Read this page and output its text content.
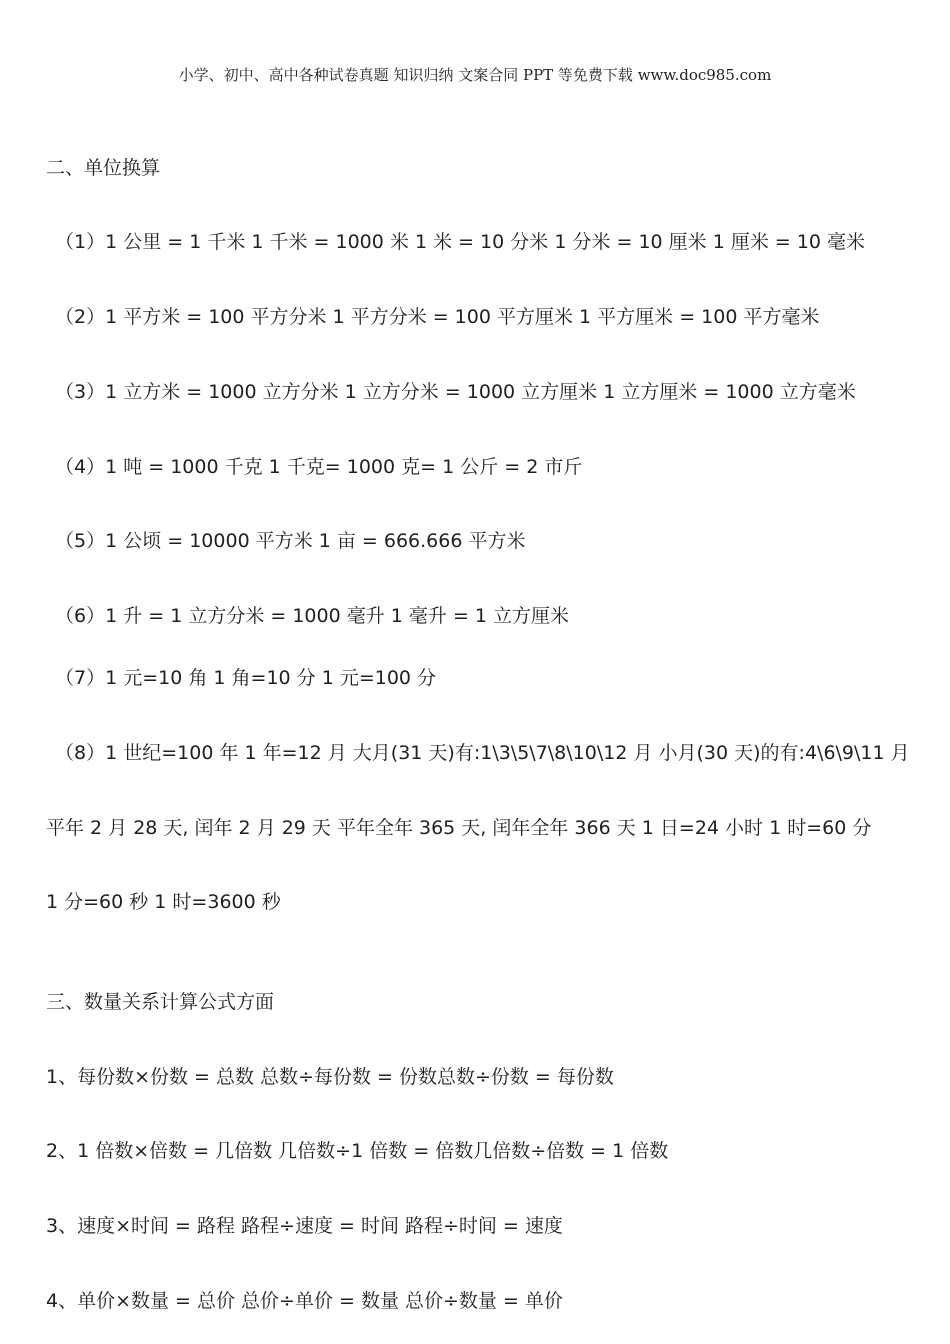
小学、初中、高中各种试卷真题 知识归纳 文案合同 PPT 等免费下载 www.doc985.com
二、单位换算
（1）1 公里 = 1 千米 1 千米 = 1000 米 1 米 = 10 分米 1 分米 = 10 厘米 1 厘米 = 10 毫米
（2）1 平方米 = 100 平方分米 1 平方分米 = 100 平方厘米 1 平方厘米 = 100 平方毫米
（3）1 立方米 = 1000 立方分米 1 立方分米 = 1000 立方厘米 1 立方厘米 = 1000 立方毫米
（4）1 吨 = 1000 千克 1 千克= 1000 克= 1 公斤 = 2 市斤
（5）1 公顷 = 10000 平方米 1 亩 = 666.666 平方米
（6）1 升 = 1 立方分米 = 1000 毫升 1 毫升 = 1 立方厘米
（7）1 元=10 角 1 角=10 分 1 元=100 分
（8）1 世纪=100 年 1 年=12 月 大月(31 天)有:1\3\5\7\8\10\12 月 小月(30 天)的有:4\6\9\11 月
平年 2 月 28 天, 闰年 2 月 29 天 平年全年 365 天, 闰年全年 366 天 1 日=24 小时 1 时=60 分
1 分=60 秒 1 时=3600 秒
三、数量关系计算公式方面
1、每份数×份数 = 总数 总数÷每份数 = 份数总数÷份数 = 每份数
2、1 倍数×倍数 = 几倍数 几倍数÷1 倍数 = 倍数几倍数÷倍数 = 1 倍数
3、速度×时间 = 路程 路程÷速度 = 时间 路程÷时间 = 速度
4、单价×数量 = 总价 总价÷单价 = 数量 总价÷数量 = 单价
